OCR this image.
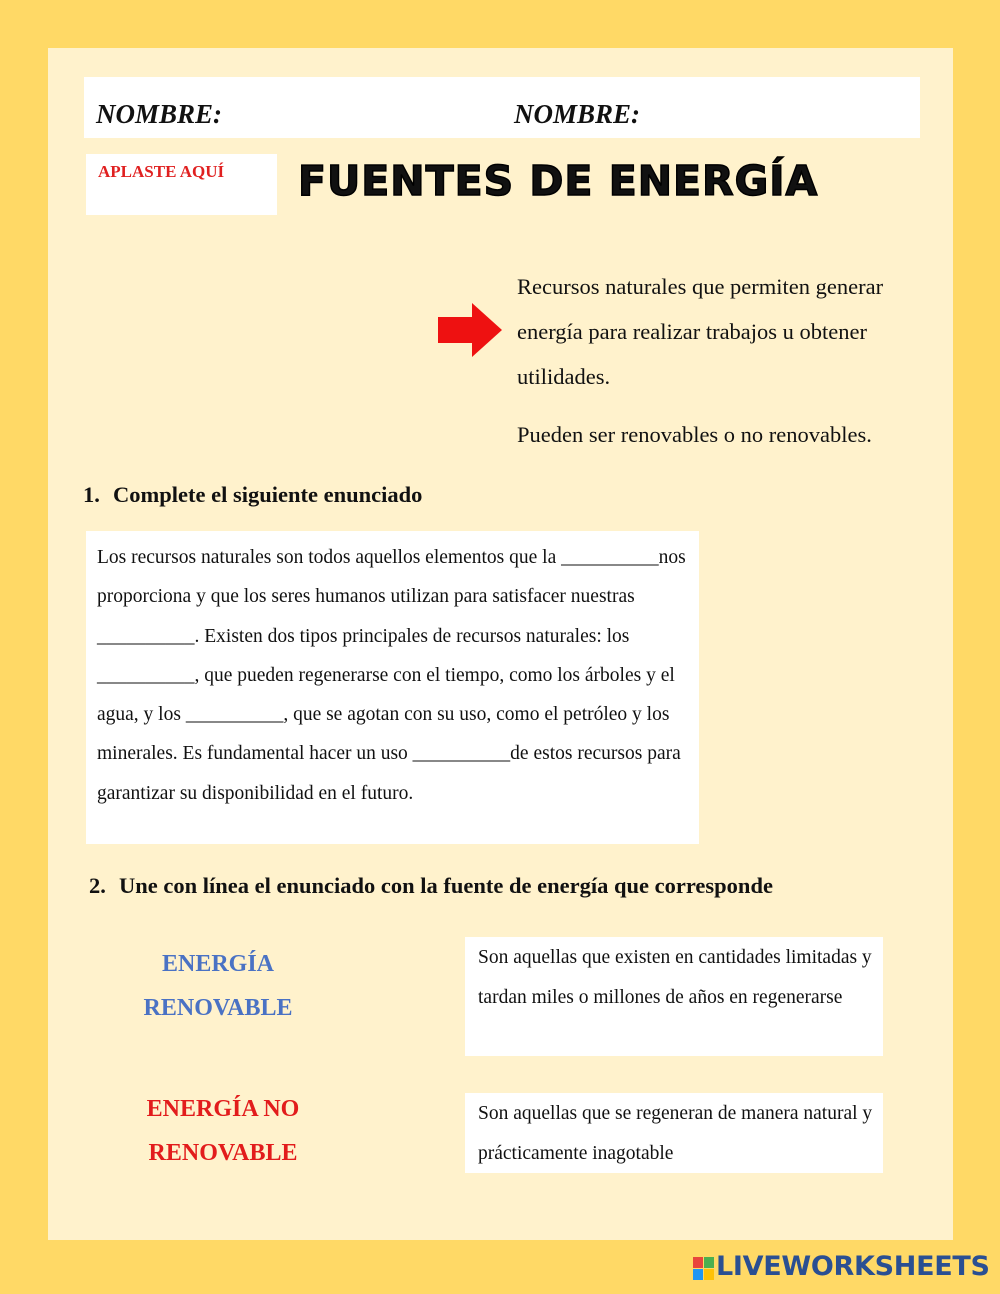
NOMBRE:	NOMBRE:
APLASTE AQUÍ FUENTES DE ENERGÍA

Recursos naturales que permiten generar energía para realizar trabajos u obtener utilidades.

Pueden ser renovables o no renovables.

1. Complete el siguiente enunciado
Los recursos naturales son todos aquellos elementos que la __________nos proporciona y que los seres humanos utilizan para satisfacer nuestras __________. Existen dos tipos principales de recursos naturales: los __________, que pueden regenerarse con el tiempo, como los árboles y el agua, y los __________, que se agotan con su uso, como el petróleo y los minerales. Es fundamental hacer un uso __________de estos recursos para garantizar su disponibilidad en el futuro.
2. Une con línea el enunciado con la fuente de energía que corresponde
ENERGÍA RENOVABLE
ENERGÍA NO RENOVABLE
Son aquellas que existen en cantidades limitadas y tardan miles o millones de años en regenerarse
Son aquellas que se regeneran de manera natural y prácticamente inagotable
LIVEWORKSHEETS
